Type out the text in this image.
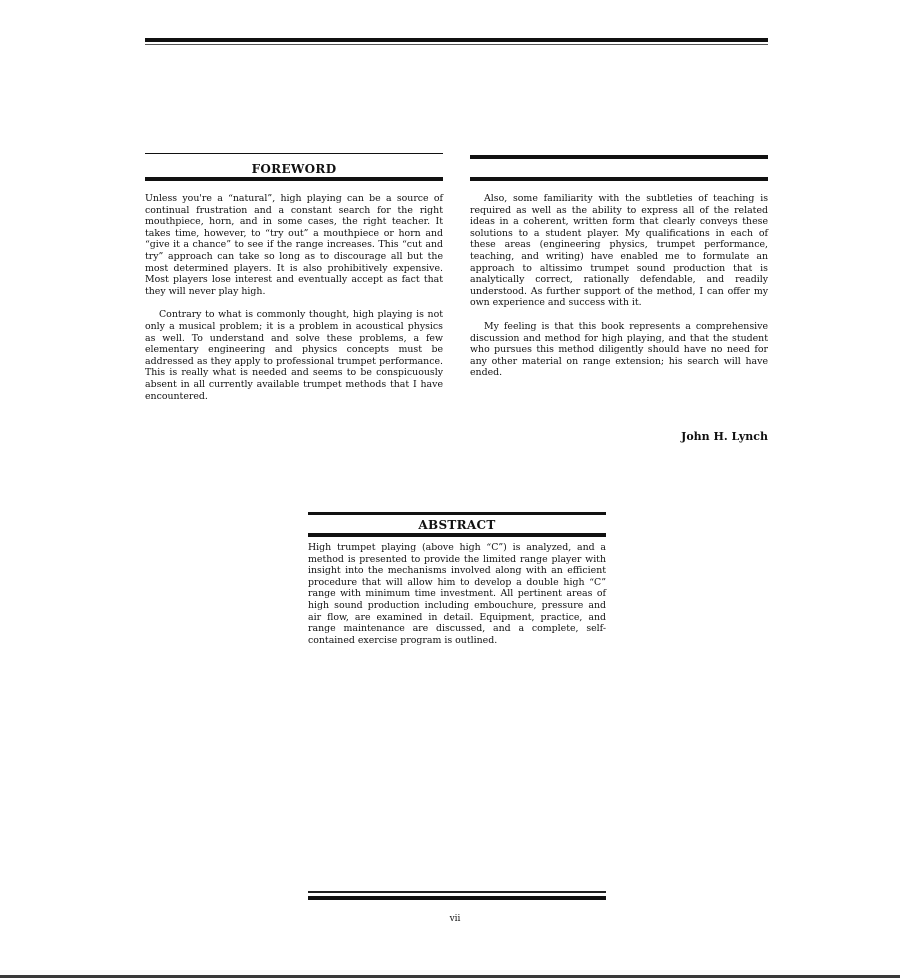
FOREWORD

Unless you're a “natural”, high playing can be a source of continual frustration and a constant search for the right mouthpiece, horn, and in some cases, the right teacher. It takes time, however, to “try out” a mouthpiece or horn and “give it a chance” to see if the range increases. This “cut and try” approach can take so long as to discourage all but the most determined players. It is also prohibitively expensive. Most players lose interest and eventually accept as fact that they will never play high.

Contrary to what is commonly thought, high playing is not only a musical problem; it is a problem in acoustical physics as well. To understand and solve these problems, a few elementary engineering and physics concepts must be addressed as they apply to professional trumpet performance. This is really what is needed and seems to be conspicuously absent in all currently available trumpet methods that I have encountered.

Also, some familiarity with the subtleties of teaching is required as well as the ability to express all of the related ideas in a coherent, written form that clearly conveys these solutions to a student player. My qualifications in each of these areas (engineering physics, trumpet performance, teaching, and writing) have enabled me to formulate an approach to altissimo trumpet sound production that is analytically correct, rationally defendable, and readily understood. As further support of the method, I can offer my own experience and success with it.

My feeling is that this book represents a comprehensive discussion and method for high playing, and that the student who pursues this method diligently should have no need for any other material on range extension; his search will have ended.

John H. Lynch
ABSTRACT
High trumpet playing (above high “C”) is analyzed, and a method is presented to provide the limited range player with insight into the mechanisms involved along with an efficient procedure that will allow him to develop a double high “C” range with minimum time investment. All pertinent areas of high sound production including embouchure, pressure and air flow, are examined in detail. Equipment, practice, and range maintenance are discussed, and a complete, self-contained exercise program is outlined.
vii
